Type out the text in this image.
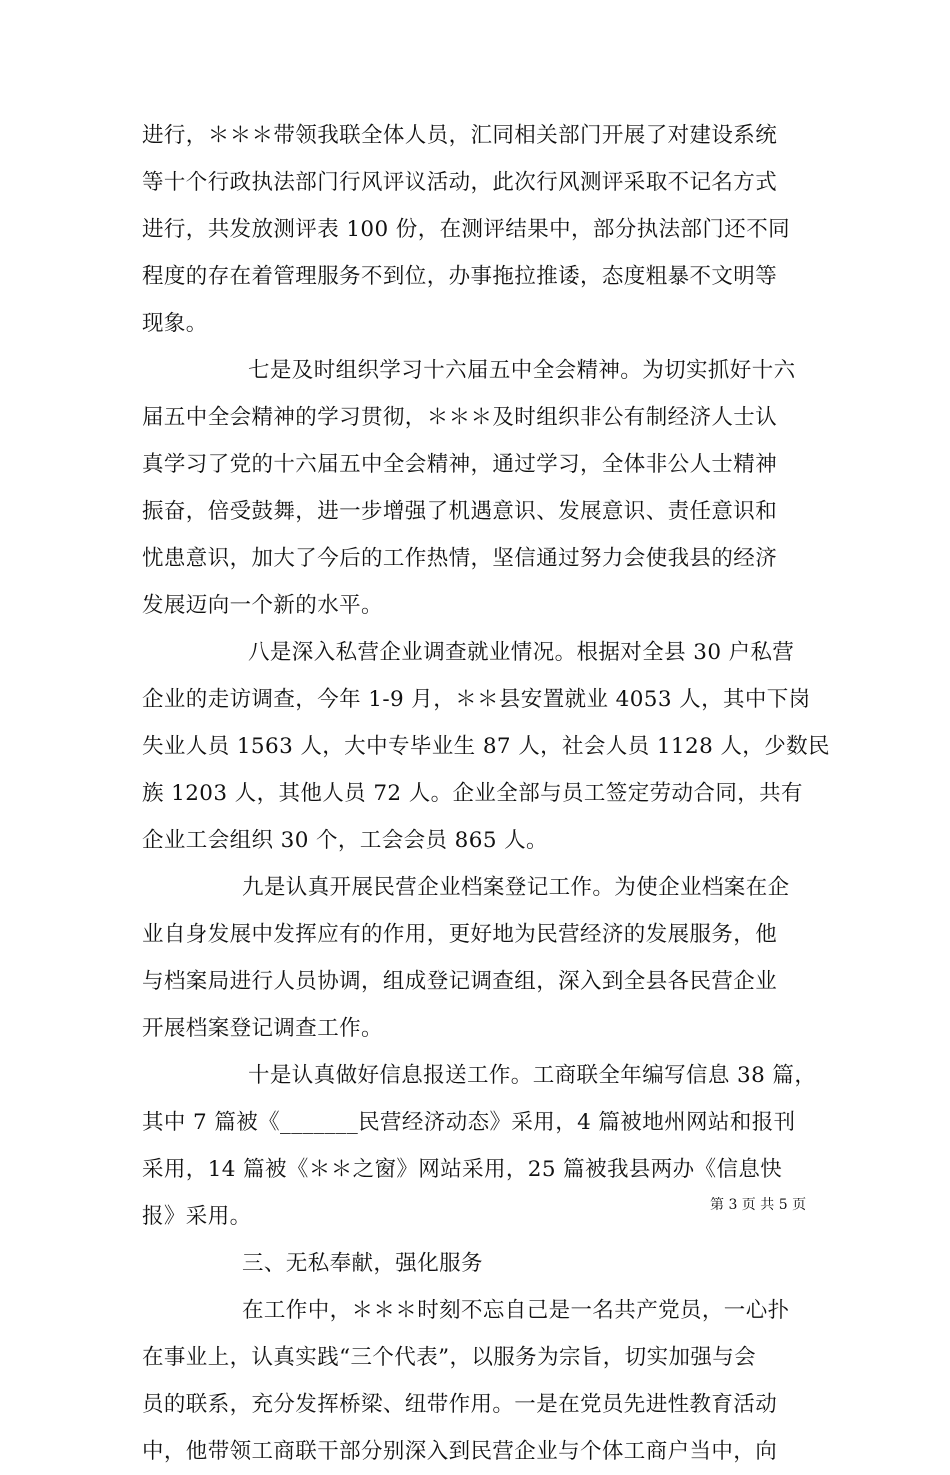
进行，＊＊＊带领我联全体人员，汇同相关部门开展了对建设系统
等十个行政执法部门行风评议活动，此次行风测评采取不记名方式
进行，共发放测评表 100 份，在测评结果中，部分执法部门还不同
程度的存在着管理服务不到位，办事拖拉推诿，态度粗暴不文明等
现象。
七是及时组织学习十六届五中全会精神。为切实抓好十六
届五中全会精神的学习贯彻，＊＊＊及时组织非公有制经济人士认
真学习了党的十六届五中全会精神，通过学习，全体非公人士精神
振奋，倍受鼓舞，进一步增强了机遇意识、发展意识、责任意识和
忧患意识，加大了今后的工作热情，坚信通过努力会使我县的经济
发展迈向一个新的水平。
八是深入私营企业调查就业情况。根据对全县 30 户私营
企业的走访调查，今年 1-9 月，＊＊县安置就业 4053 人，其中下岗
失业人员 1563 人，大中专毕业生 87 人，社会人员 1128 人，少数民
族 1203 人，其他人员 72 人。企业全部与员工签定劳动合同，共有
企业工会组织 30 个，工会会员 865 人。
九是认真开展民营企业档案登记工作。为使企业档案在企
业自身发展中发挥应有的作用，更好地为民营经济的发展服务，他
与档案局进行人员协调，组成登记调查组，深入到全县各民营企业
开展档案登记调查工作。
十是认真做好信息报送工作。工商联全年编写信息 38 篇，
其中 7 篇被《_______民营经济动态》采用，4 篇被地州网站和报刊
采用，14 篇被《＊＊之窗》网站采用，25 篇被我县两办《信息快
报》采用。
三、无私奉献，强化服务
在工作中，＊＊＊时刻不忘自己是一名共产党员，一心扑
在事业上，认真实践“三个代表”，以服务为宗旨，切实加强与会
员的联系，充分发挥桥梁、纽带作用。一是在党员先进性教育活动
中，他带领工商联干部分别深入到民营企业与个体工商户当中，向
第 3 页 共 5 页
